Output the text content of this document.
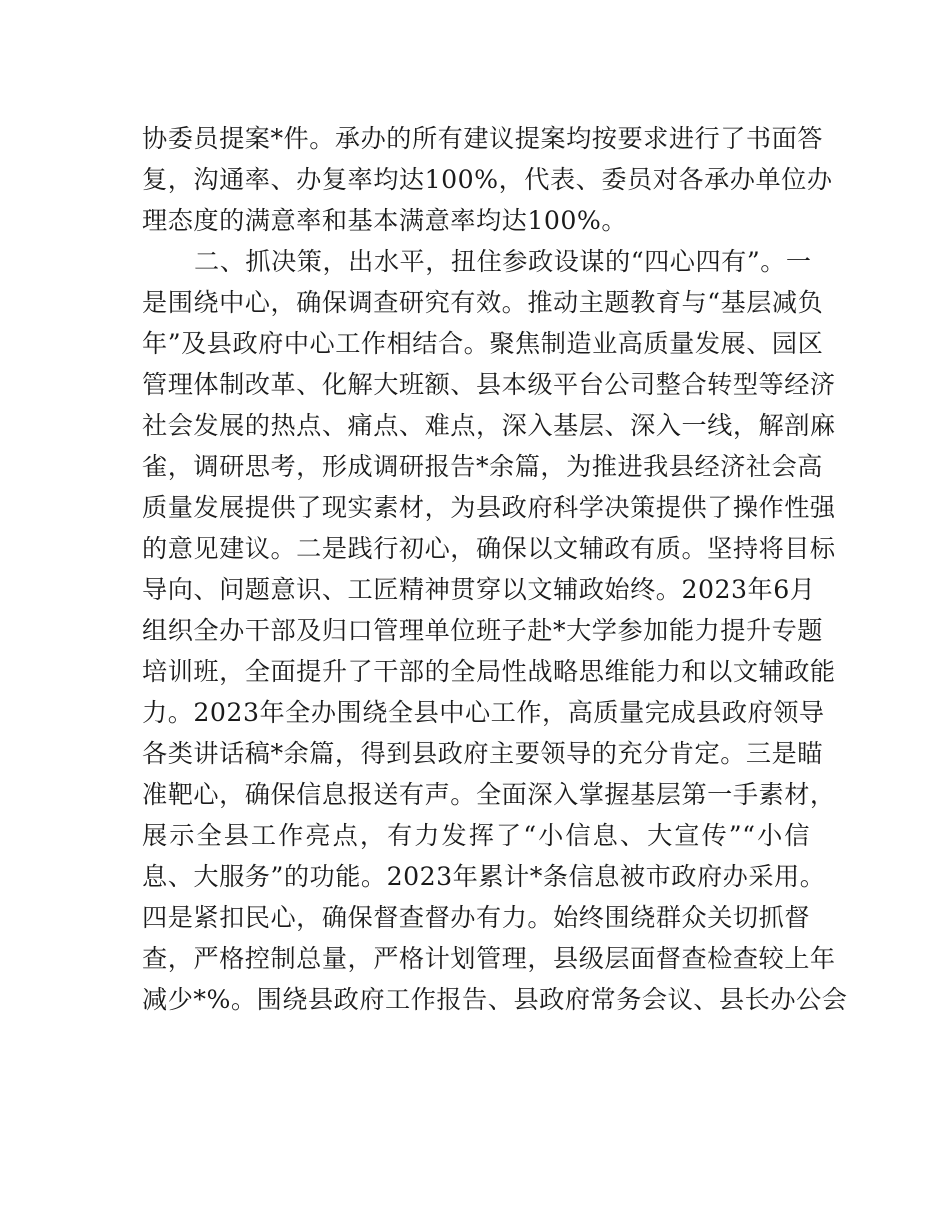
协委员提案*件。承办的所有建议提案均按要求进行了书面答
复，沟通率、办复率均达100%，代表、委员对各承办单位办
理态度的满意率和基本满意率均达100%。
二、抓决策，出水平，扭住参政设谋的“四心四有”。一
是围绕中心，确保调查研究有效。推动主题教育与“基层减负
年”及县政府中心工作相结合。聚焦制造业高质量发展、园区
管理体制改革、化解大班额、县本级平台公司整合转型等经济
社会发展的热点、痛点、难点，深入基层、深入一线，解剖麻
雀，调研思考，形成调研报告*余篇，为推进我县经济社会高
质量发展提供了现实素材，为县政府科学决策提供了操作性强
的意见建议。二是践行初心，确保以文辅政有质。坚持将目标
导向、问题意识、工匠精神贯穿以文辅政始终。2023年6月
组织全办干部及归口管理单位班子赴*大学参加能力提升专题
培训班，全面提升了干部的全局性战略思维能力和以文辅政能
力。2023年全办围绕全县中心工作，高质量完成县政府领导
各类讲话稿*余篇，得到县政府主要领导的充分肯定。三是瞄
准靶心，确保信息报送有声。全面深入掌握基层第一手素材，
展示全县工作亮点，有力发挥了“小信息、大宣传”“小信
息、大服务”的功能。2023年累计*条信息被市政府办采用。
四是紧扣民心，确保督查督办有力。始终围绕群众关切抓督
查，严格控制总量，严格计划管理，县级层面督查检查较上年
减少*%。围绕县政府工作报告、县政府常务会议、县长办公会
